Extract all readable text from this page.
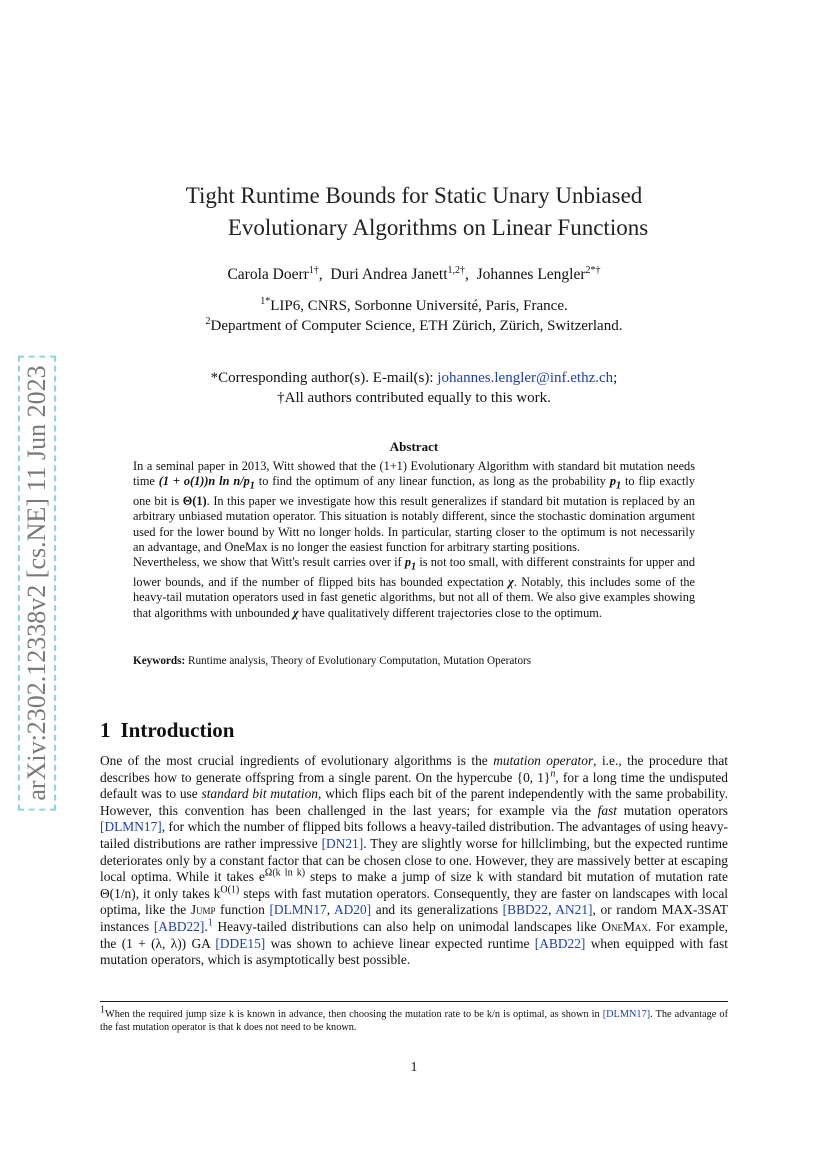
arXiv:2302.12338v2 [cs.NE] 11 Jun 2023
Tight Runtime Bounds for Static Unary Unbiased
Evolutionary Algorithms on Linear Functions
Carola Doerr$^{1\dagger}$,  Duri Andrea Janett$^{1,2\dagger}$,  Johannes Lengler$^{2*\dagger}$
$^{1*}$LIP6, CNRS, Sorbonne Université, Paris, France.
$^2$Department of Computer Science, ETH Zürich, Zürich, Switzerland.
*Corresponding author(s). E-mail(s): johannes.lengler@inf.ethz.ch;
†All authors contributed equally to this work.
Abstract

In a seminal paper in 2013, Witt showed that the (1+1) Evolutionary Algorithm with standard bit mutation needs time (1 + o(1))n $\ln n/p_1$ to find the optimum of any linear function, as long as the probability $p_1$ to flip exactly one bit is Θ(1). In this paper we investigate how this result generalizes if standard bit mutation is replaced by an arbitrary unbiased mutation operator. This situation is notably different, since the stochastic domination argument used for the lower bound by Witt no longer holds. In particular, starting closer to the optimum is not necessarily an advantage, and OneMax is no longer the easiest function for arbitrary starting positions.

Nevertheless, we show that Witt's result carries over if $p_1$ is not too small, with different constraints for upper and lower bounds, and if the number of flipped bits has bounded expectation χ. Notably, this includes some of the heavy-tail mutation operators used in fast genetic algorithms, but not all of them. We also give examples showing that algorithms with unbounded χ have qualitatively different trajectories close to the optimum.

Keywords: Runtime analysis, Theory of Evolutionary Computation, Mutation Operators
1 Introduction
One of the most crucial ingredients of evolutionary algorithms is the mutation operator, i.e., the procedure that describes how to generate offspring from a single parent. On the hypercube {0, 1}$^n$, for a long time the undisputed default was to use standard bit mutation, which flips each bit of the parent independently with the same probability. However, this convention has been challenged in the last years; for example via the fast mutation operators [DLMN17], for which the number of flipped bits follows a heavy-tailed distribution. The advantages of using heavy-tailed distributions are rather impressive [DN21]. They are slightly worse for hillclimbing, but the expected runtime deteriorates only by a constant factor that can be chosen close to one. However, they are massively better at escaping local optima. While it takes $e^{\Omega(k ln k)}$ steps to make a jump of size k with standard bit mutation of mutation rate Θ(1/n), it only takes $k^{O(1)}$ steps with fast mutation operators. Consequently, they are faster on landscapes with local optima, like the Jump function [DLMN17, AD20] and its generalizations [BBD22, AN21], or random MAX-3SAT instances [ABD22].$^1$ Heavy-tailed distributions can also help on unimodal landscapes like OneMax. For example, the (1 + (λ, λ)) GA [DDE15] was shown to achieve linear expected runtime [ABD22] when equipped with fast mutation operators, which is asymptotically best possible.
$^1$When the required jump size k is known in advance, then choosing the mutation rate to be k/n is optimal, as shown in [DLMN17]. The advantage of the fast mutation operator is that k does not need to be known.
1
